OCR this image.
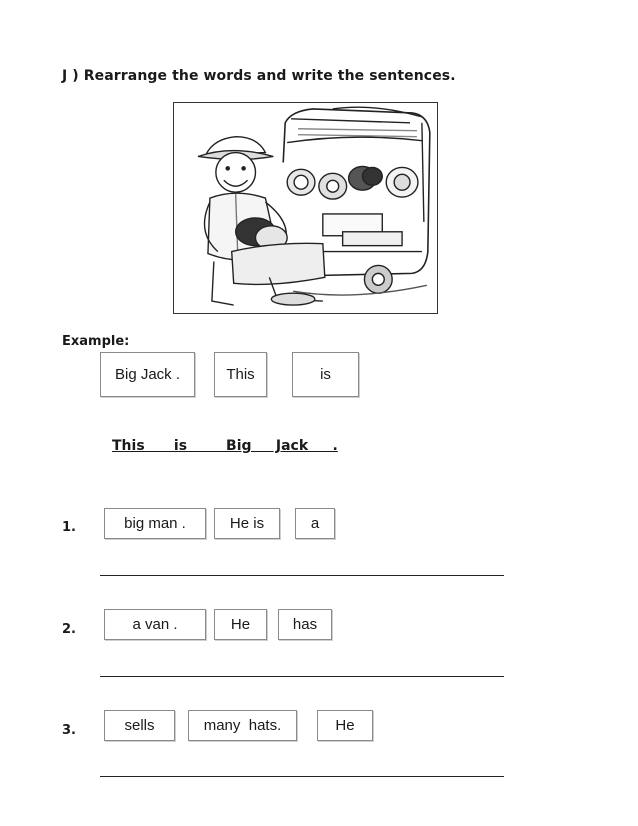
J ) Rearrange the words and write the sentences.
Example:
Big Jack .	This	is
This      is        Big     Jack     .
1.	big man .	He is	a
2.	a van .	He	has
3.	sells	many  hats.	He
